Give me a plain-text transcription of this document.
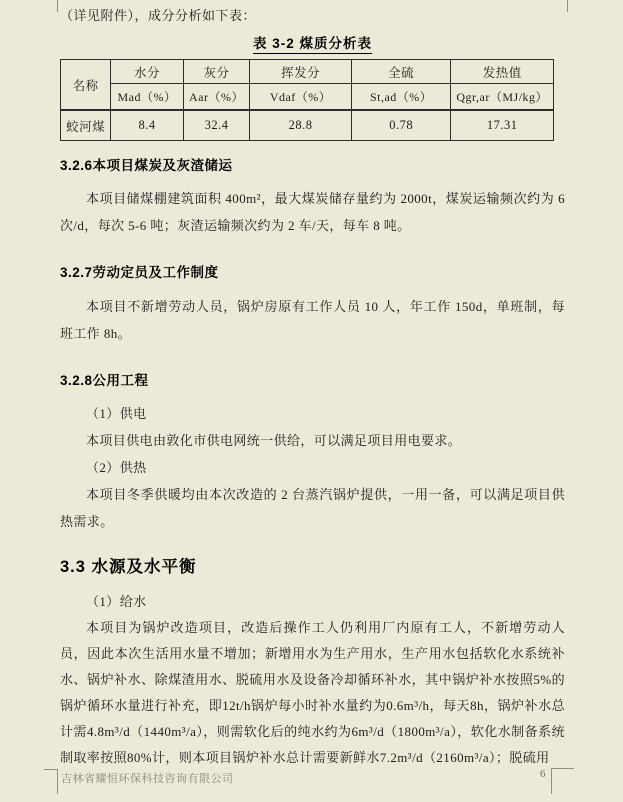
（详见附件），成分分析如下表：
表 3-2 煤质分析表
名称	水分	灰分	挥发分	全硫	发热值
	Mad（%）	Aar（%）	Vdaf（%）	St,ad（%）	Qgr,ar（MJ/kg）
蛟河煤	8.4	32.4	28.8	0.78	17.31
3.2.6本项目煤炭及灰渣储运

本项目储煤棚建筑面积 400m²，最大煤炭储存量约为 2000t，煤炭运输频次约为 6 次/d，每次 5-6 吨；灰渣运输频次约为 2 车/天，每车 8 吨。

3.2.7劳动定员及工作制度

本项目不新增劳动人员，锅炉房原有工作人员 10 人，年工作 150d，单班制，每班工作 8h。

3.2.8公用工程

（1）供电

本项目供电由敦化市供电网统一供给，可以满足项目用电要求。

（2）供热

本项目冬季供暖均由本次改造的 2 台蒸汽锅炉提供，一用一备，可以满足项目供热需求。

3.3 水源及水平衡

（1）给水

本项目为锅炉改造项目，改造后操作工人仍利用厂内原有工人，不新增劳动人员，因此本次生活用水量不增加；新增用水为生产用水，生产用水包括软化水系统补水、锅炉补水、除煤渣用水、脱硫用水及设备冷却循环补水，其中锅炉补水按照5%的锅炉循环水量进行补充，即12t/h锅炉每小时补水量约为0.6m³/h，每天8h，锅炉补水总计需4.8m³/d（1440m³/a），则需软化后的纯水约为6m³/d（1800m³/a），软化水制备系统制取率按照80%计，则本项目锅炉补水总计需要新鲜水7.2m³/d（2160m³/a）；脱硫用

吉林省耀恒环保科技咨询有限公司	6
